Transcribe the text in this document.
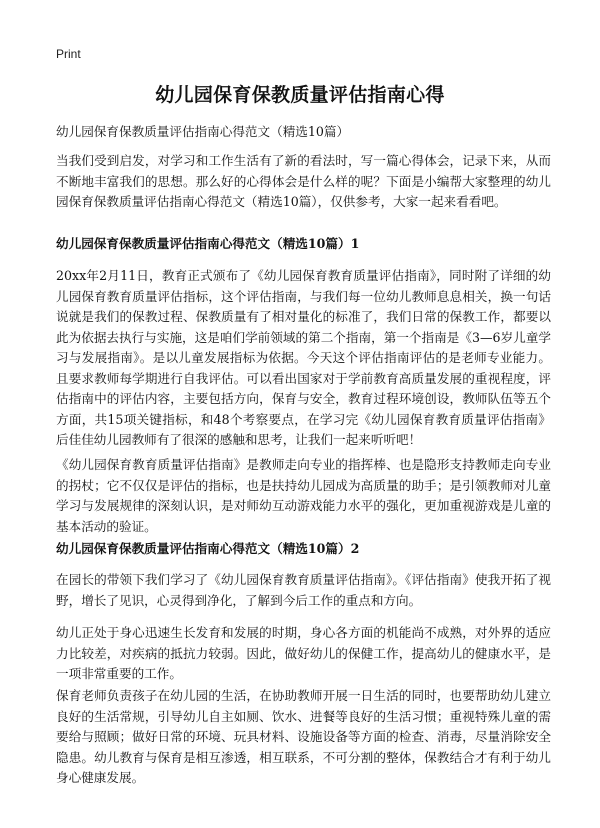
Print
幼儿园保育保教质量评估指南心得

幼儿园保育保教质量评估指南心得范文（精选10篇）

当我们受到启发，对学习和工作生活有了新的看法时，写一篇心得体会，记录下来，从而不断地丰富我们的思想。那么好的心得体会是什么样的呢？下面是小编帮大家整理的幼儿园保育保教质量评估指南心得范文（精选10篇），仅供参考，大家一起来看看吧。

幼儿园保育保教质量评估指南心得范文（精选10篇）1

20xx年2月11日，教育正式颁布了《幼儿园保育教育质量评估指南》，同时附了详细的幼儿园保育教育质量评估指标，这个评估指南，与我们每一位幼儿教师息息相关，换一句话说就是我们的保教过程、保教质量有了相对量化的标准了，我们日常的保教工作，都要以此为依据去执行与实施，这是咱们学前领域的第二个指南，第一个指南是《3—6岁儿童学习与发展指南》。是以儿童发展指标为依据。今天这个评估指南评估的是老师专业能力。且要求教师每学期进行自我评估。可以看出国家对于学前教育高质量发展的重视程度，评估指南中的评估内容，主要包括方向，保育与安全，教育过程环境创设，教师队伍等五个方面，共15项关键指标，和48个考察要点，在学习完《幼儿园保育教育质量评估指南》后佳佳幼儿园教师有了很深的感触和思考，让我们一起来听听吧！

《幼儿园保育教育质量评估指南》是教师走向专业的指挥棒、也是隐形支持教师走向专业的拐杖；它不仅仅是评估的指标，也是扶持幼儿园成为高质量的助手；是引领教师对儿童学习与发展规律的深刻认识，是对师幼互动游戏能力水平的强化，更加重视游戏是儿童的基本活动的验证。

幼儿园保育保教质量评估指南心得范文（精选10篇）2

在园长的带领下我们学习了《幼儿园保育教育质量评估指南》。《评估指南》使我开拓了视野，增长了见识，心灵得到净化，了解到今后工作的重点和方向。

幼儿正处于身心迅速生长发育和发展的时期，身心各方面的机能尚不成熟，对外界的适应力比较差，对疾病的抵抗力较弱。因此，做好幼儿的保健工作，提高幼儿的健康水平，是一项非常重要的工作。

保育老师负责孩子在幼儿园的生活，在协助教师开展一日生活的同时，也要帮助幼儿建立良好的生活常规，引导幼儿自主如厕、饮水、进餐等良好的生活习惯；重视特殊儿童的需要给与照顾；做好日常的环境、玩具材料、设施设备等方面的检查、消毒，尽量消除安全隐患。幼儿教育与保育是相互渗透，相互联系，不可分割的整体，保教结合才有利于幼儿身心健康发展。
